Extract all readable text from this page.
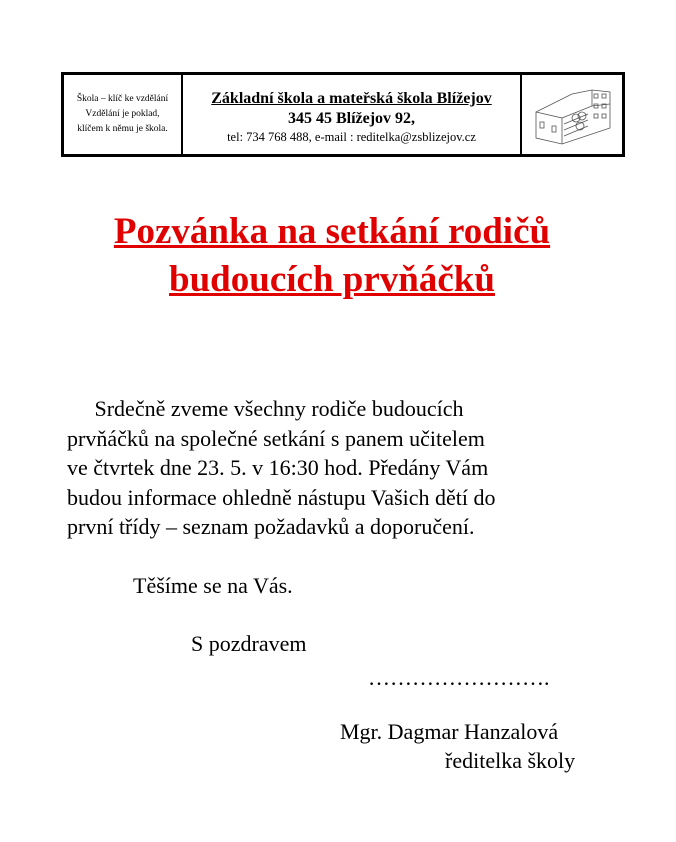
Škola – klíč ke vzdělání
Vzdělání je poklad,
klíčem k němu je škola.
Základní škola a mateřská škola Blížejov
345 45 Blížejov 92,
tel: 734 768 488, e-mail : reditelka@zsblizejov.cz
Pozvánka na setkání rodičů
budoucích prvňáčků
Srdečně zveme všechny rodiče budoucích
prvňáčků na společné setkání s panem učitelem
ve čtvrtek dne 23. 5. v 16:30 hod. Předány Vám
budou informace ohledně nástupu Vašich dětí do
první třídy – seznam požadavků a doporučení.
Těšíme se na Vás.
S pozdravem
…………………….
Mgr. Dagmar Hanzalová
ředitelka školy
